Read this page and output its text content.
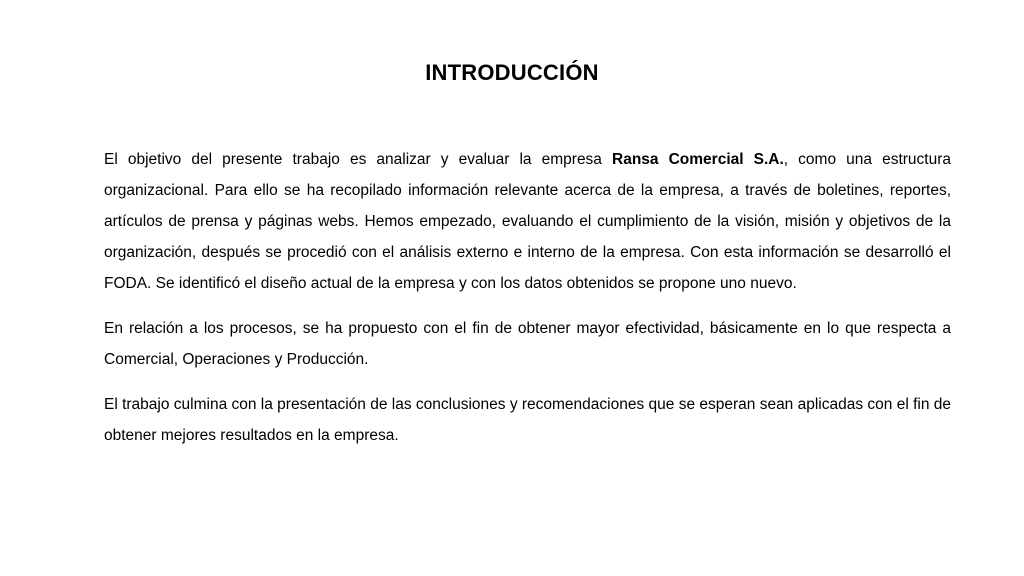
INTRODUCCIÓN

El objetivo del presente trabajo es analizar y evaluar la empresa Ransa Comercial S.A., como una estructura organizacional. Para ello se ha recopilado información relevante acerca de la empresa, a través de boletines, reportes, artículos de prensa y páginas webs. Hemos empezado, evaluando el cumplimiento de la visión, misión y objetivos de la organización, después se procedió con el análisis externo e interno de la empresa. Con esta información se desarrolló el FODA. Se identificó el diseño actual de la empresa y con los datos obtenidos se propone uno nuevo.

En relación a los procesos, se ha propuesto con el fin de obtener mayor efectividad, básicamente en lo que respecta a Comercial, Operaciones y Producción.

El trabajo culmina con la presentación de las conclusiones y recomendaciones que se esperan sean aplicadas con el fin de obtener mejores resultados en la empresa.
